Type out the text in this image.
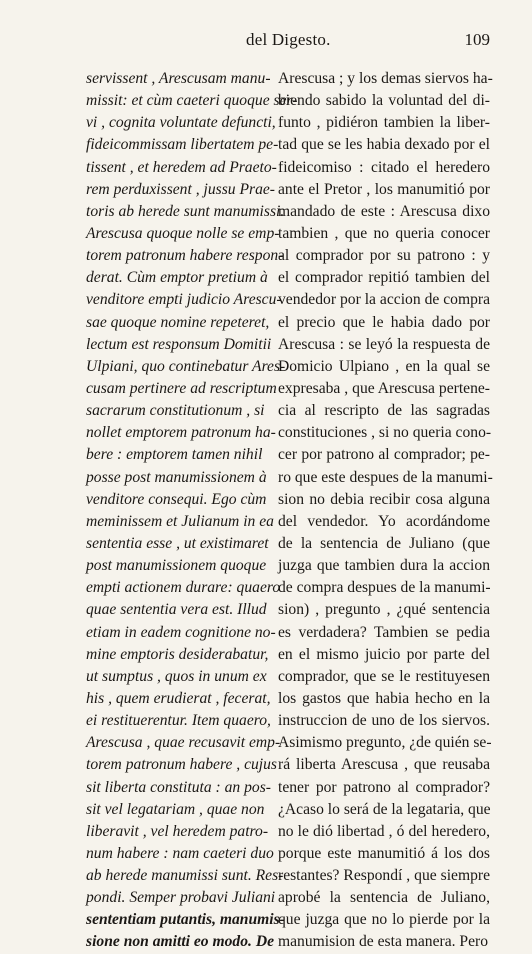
del Digesto.	109
servissent , Arescusam manu-
missit: et cùm caeteri quoque ser-
vi , cognita voluntate defuncti,
fideicommissam libertatem pe-
tissent , et heredem ad Praeto-
rem perduxissent , jussu Prae-
toris ab herede sunt manumissi.
Arescusa quoque nolle se emp-
torem patronum habere respon-
derat. Cùm emptor pretium à
venditore empti judicio Arescu-
sae quoque nomine repeteret,
lectum est responsum Domitii
Ulpiani, quo continebatur Ares-
cusam pertinere ad rescriptum
sacrarum constitutionum , si
nollet emptorem patronum ha-
bere : emptorem tamen nihil
posse post manumissionem à
venditore consequi. Ego cùm
meminissem et Julianum in ea
sententia esse , ut existimaret
post manumissionem quoque
empti actionem durare: quaero
quae sententia vera est. Illud
etiam in eadem cognitione no-
mine emptoris desiderabatur,
ut sumptus , quos in unum ex
his , quem erudierat , fecerat,
ei restituerentur. Item quaero,
Arescusa , quae recusavit emp-
torem patronum habere , cujus
sit liberta constituta : an pos-
sit vel legatariam , quae non
liberavit , vel heredem patro-
num habere : nam caeteri duo
ab herede manumissi sunt. Res-
pondi. Semper probavi Juliani
sententiam putantis, manumis-
sione non amitti eo modo. De
Arescusa ; y los demas siervos ha-
biendo sabido la voluntad del di-
funto , pidiéron tambien la liber-
tad que se les habia dexado por el
fideicomiso : citado el heredero
ante el Pretor , los manumitió por
mandado de este : Arescusa dixo
tambien , que no queria conocer
al comprador por su patrono : y
el comprador repitió tambien del
vendedor por la accion de compra
el precio que le habia dado por
Arescusa : se leyó la respuesta de
Domicio Ulpiano , en la qual se
expresaba , que Arescusa pertene-
cia al rescripto de las sagradas
constituciones , si no queria cono-
cer por patrono al comprador; pe-
ro que este despues de la manumi-
sion no debia recibir cosa alguna
del vendedor. Yo acordándome
de la sentencia de Juliano (que
juzga que tambien dura la accion
de compra despues de la manumi-
sion) , pregunto , ¿qué sentencia
es verdadera? Tambien se pedia
en el mismo juicio por parte del
comprador, que se le restituyesen
los gastos que habia hecho en la
instruccion de uno de los siervos.
Asimismo pregunto, ¿de quién se-
rá liberta Arescusa , que reusaba
tener por patrono al comprador?
¿Acaso lo será de la legataria, que
no le dió libertad , ó del heredero,
porque este manumitió á los dos
restantes? Respondí , que siempre
aprobé la sentencia de Juliano,
que juzga que no lo pierde por la
manumision de esta manera. Pero
